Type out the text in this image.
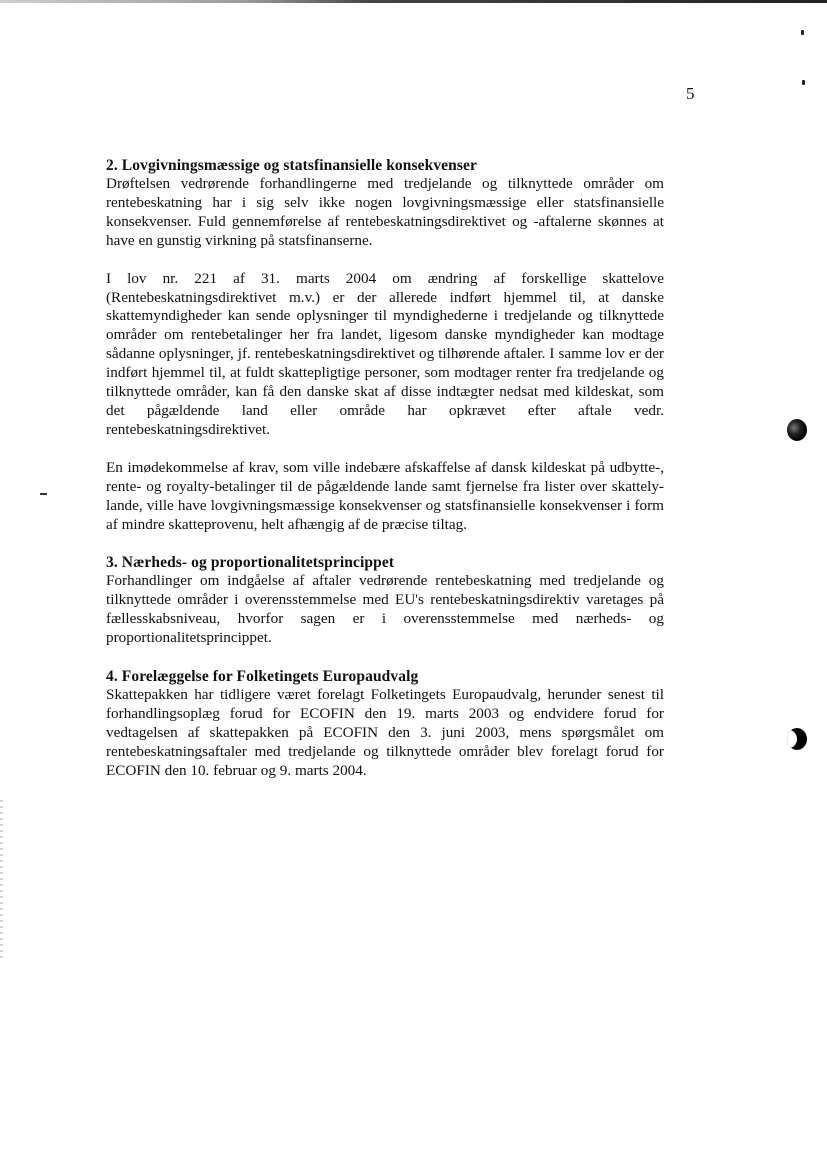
5
2. Lovgivningsmæssige og statsfinansielle konsekvenser

Drøftelsen vedrørende forhandlingerne med tredjelande og tilknyttede områder om rentebeskatning har i sig selv ikke nogen lovgivningsmæssige eller statsfinansielle konsekvenser. Fuld gennemførelse af rentebeskatningsdirektivet og -aftalerne skønnes at have en gunstig virkning på statsfinanserne.

I lov nr. 221 af 31. marts 2004 om ændring af forskellige skattelove (Rentebeskatningsdirektivet m.v.) er der allerede indført hjemmel til, at danske skattemyndigheder kan sende oplysninger til myndighederne i tredjelande og tilknyttede områder om rentebetalinger her fra landet, ligesom danske myndigheder kan modtage sådanne oplysninger, jf. rentebeskatningsdirektivet og tilhørende aftaler. I samme lov er der indført hjemmel til, at fuldt skattepligtige personer, som modtager renter fra tredjelande og tilknyttede områder, kan få den danske skat af disse indtægter nedsat med kildeskat, som det pågældende land eller område har opkrævet efter aftale vedr. rentebeskatningsdirektivet.

En imødekommelse af krav, som ville indebære afskaffelse af dansk kildeskat på udbytte-, rente- og royalty-betalinger til de pågældende lande samt fjernelse fra lister over skattely-lande, ville have lovgivningsmæssige konsekvenser og statsfinansielle konsekvenser i form af mindre skatteprovenu, helt afhængig af de præcise tiltag.

3. Nærheds- og proportionalitetsprincippet

Forhandlinger om indgåelse af aftaler vedrørende rentebeskatning med tredjelande og tilknyttede områder i overensstemmelse med EU's rentebeskatningsdirektiv varetages på fællesskabsniveau, hvorfor sagen er i overensstemmelse med nærheds- og proportionalitetsprincippet.

4. Forelæggelse for Folketingets Europaudvalg

Skattepakken har tidligere været forelagt Folketingets Europaudvalg, herunder senest til forhandlingsoplæg forud for ECOFIN den 19. marts 2003 og endvidere forud for vedtagelsen af skattepakken på ECOFIN den 3. juni 2003, mens spørgsmålet om rentebeskatningsaftaler med tredjelande og tilknyttede områder blev forelagt forud for ECOFIN den 10. februar og 9. marts 2004.
